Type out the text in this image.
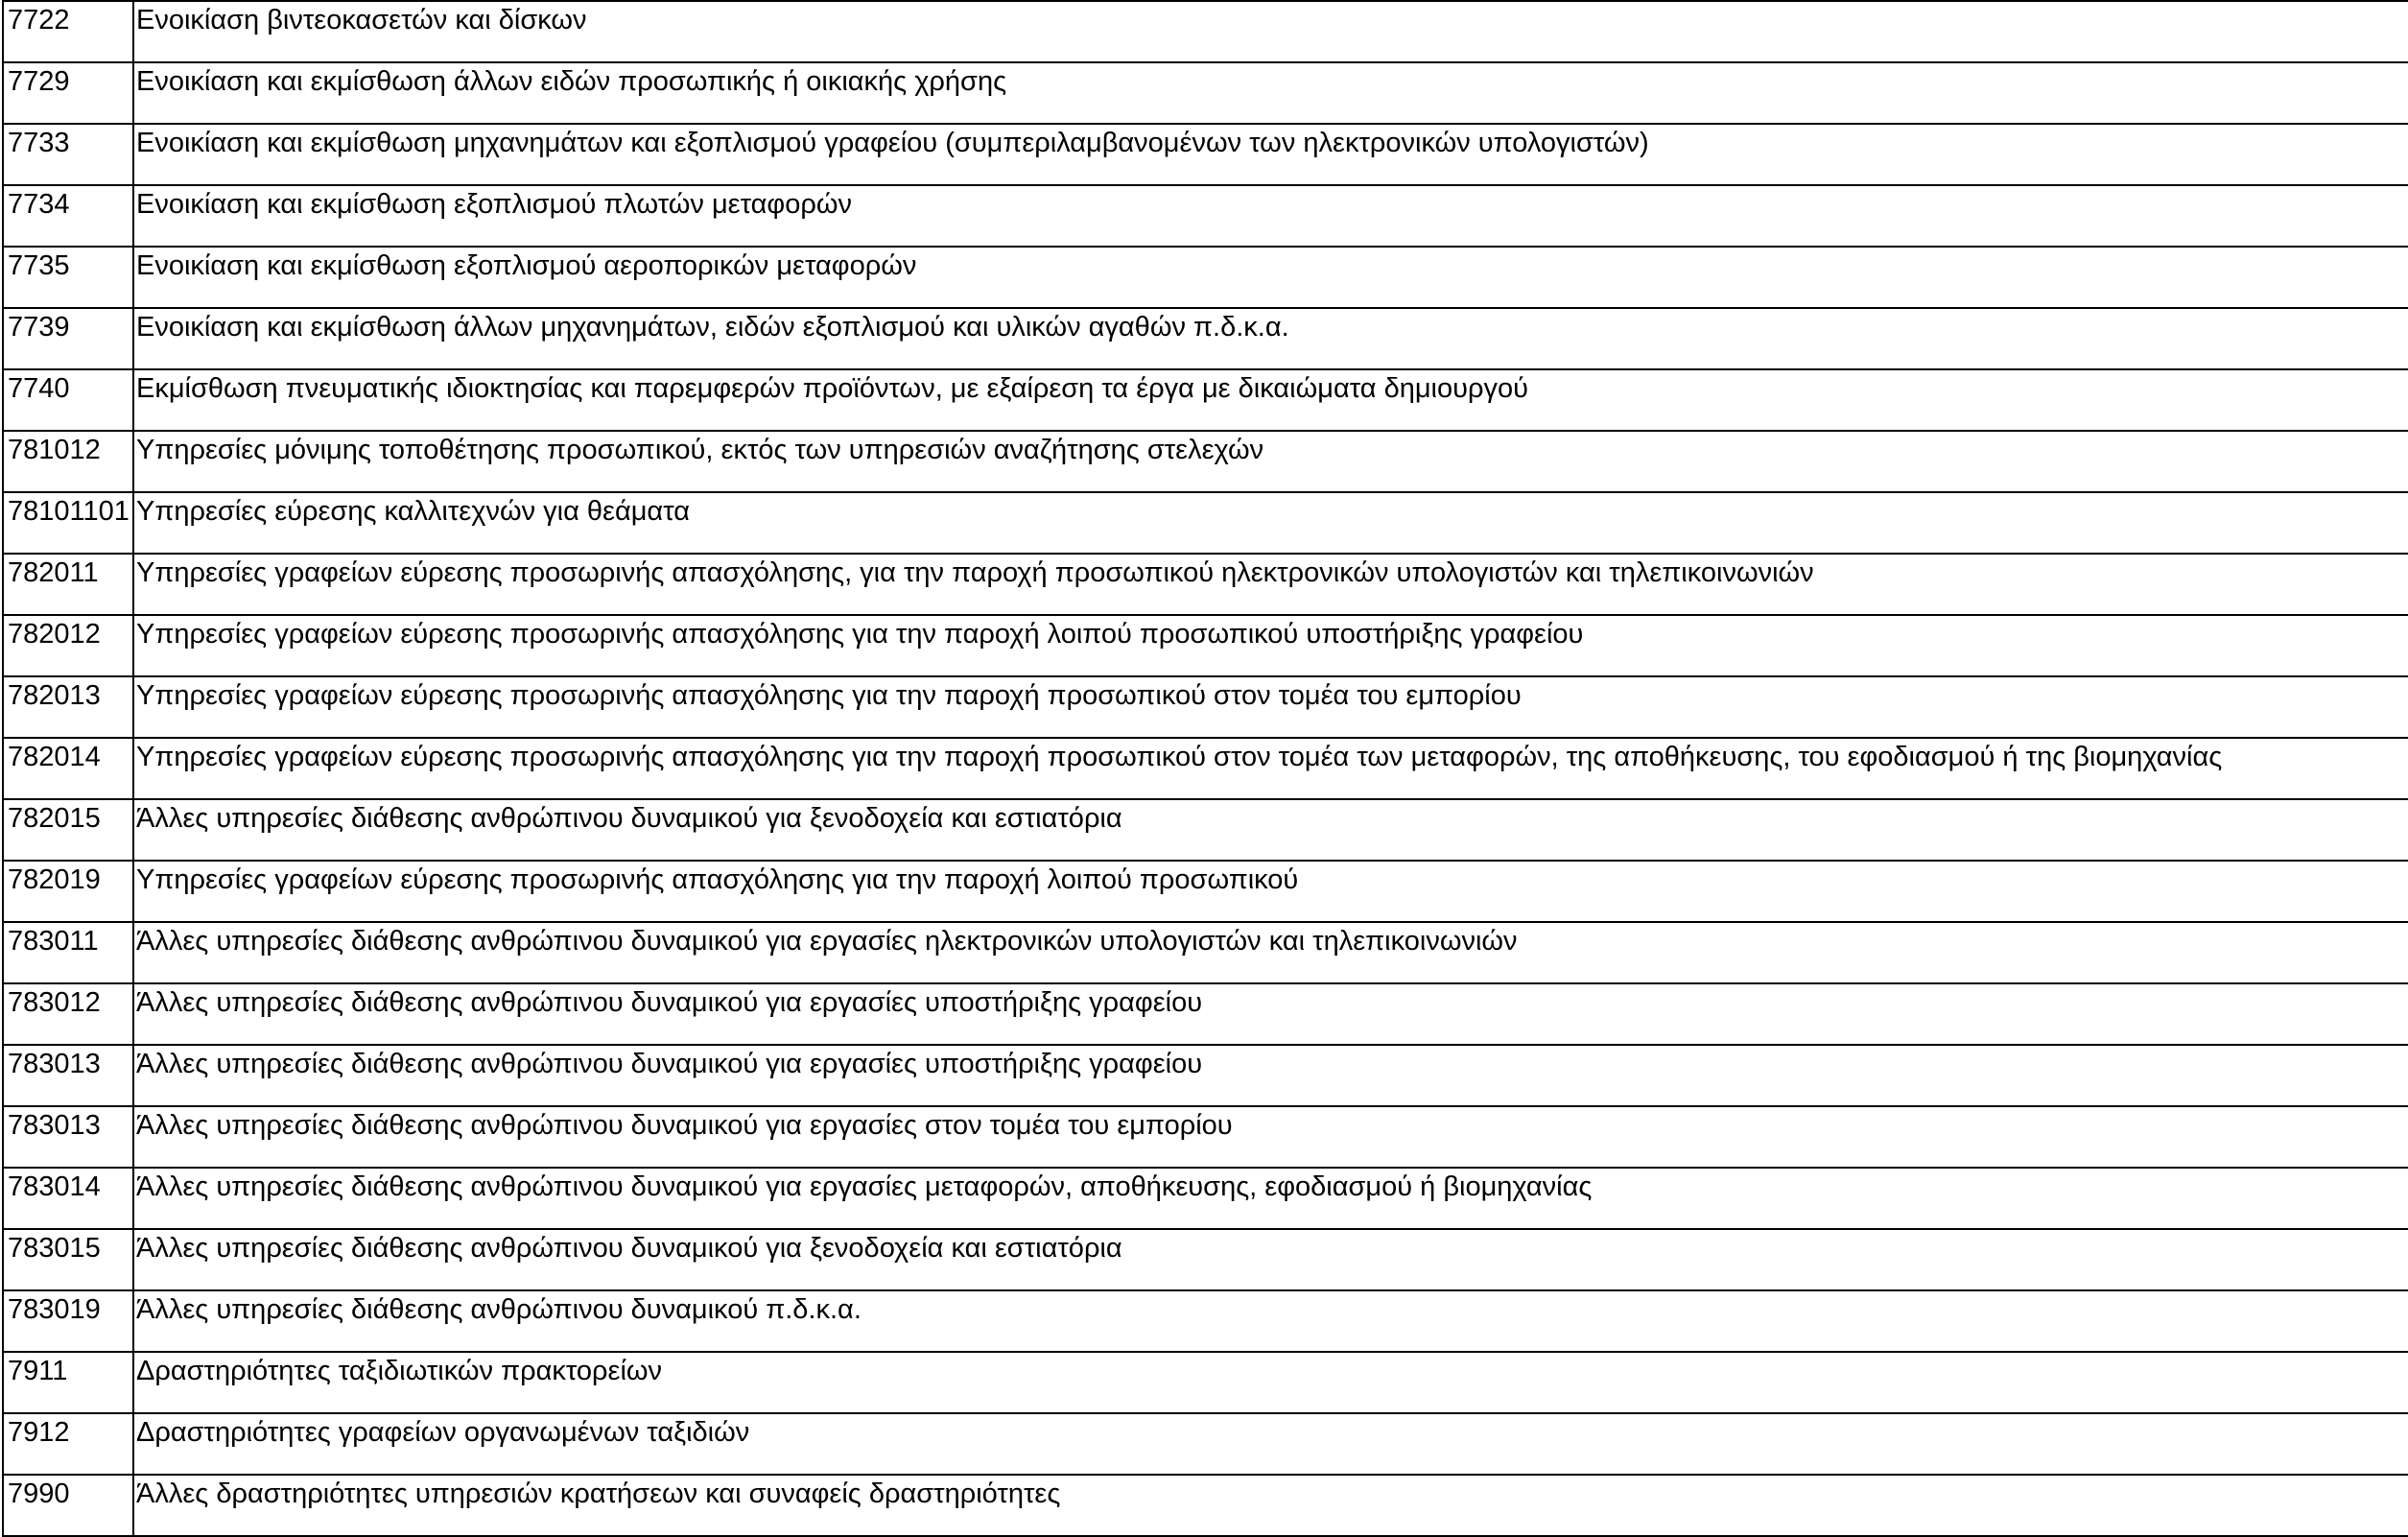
7722	Ενοικίαση βιντεοκασετών και δίσκων
7729	Ενοικίαση και εκμίσθωση άλλων ειδών προσωπικής ή οικιακής χρήσης
7733	Ενοικίαση και εκμίσθωση μηχανημάτων και εξοπλισμού γραφείου (συμπεριλαμβανομένων των ηλεκτρονικών υπολογιστών)
7734	Ενοικίαση και εκμίσθωση εξοπλισμού πλωτών μεταφορών
7735	Ενοικίαση και εκμίσθωση εξοπλισμού αεροπορικών μεταφορών
7739	Ενοικίαση και εκμίσθωση άλλων μηχανημάτων, ειδών εξοπλισμού και υλικών αγαθών π.δ.κ.α.
7740	Εκμίσθωση πνευματικής ιδιοκτησίας και παρεμφερών προϊόντων, με εξαίρεση τα έργα με δικαιώματα δημιουργού
781012	Υπηρεσίες μόνιμης τοποθέτησης προσωπικού, εκτός των υπηρεσιών αναζήτησης στελεχών
78101101	Υπηρεσίες εύρεσης καλλιτεχνών για θεάματα
782011	Υπηρεσίες γραφείων εύρεσης προσωρινής απασχόλησης, για την παροχή προσωπικού ηλεκτρονικών υπολογιστών και τηλεπικοινωνιών
782012	Υπηρεσίες γραφείων εύρεσης προσωρινής απασχόλησης για την παροχή λοιπού προσωπικού υποστήριξης γραφείου
782013	Υπηρεσίες γραφείων εύρεσης προσωρινής απασχόλησης για την παροχή προσωπικού στον τομέα του εμπορίου
782014	Υπηρεσίες γραφείων εύρεσης προσωρινής απασχόλησης για την παροχή προσωπικού στον τομέα των μεταφορών, της αποθήκευσης, του εφοδιασμού ή της βιομηχανίας
782015	Άλλες υπηρεσίες διάθεσης ανθρώπινου δυναμικού για ξενοδοχεία και εστιατόρια
782019	Υπηρεσίες γραφείων εύρεσης προσωρινής απασχόλησης για την παροχή λοιπού προσωπικού
783011	Άλλες υπηρεσίες διάθεσης ανθρώπινου δυναμικού για εργασίες ηλεκτρονικών υπολογιστών και τηλεπικοινωνιών
783012	Άλλες υπηρεσίες διάθεσης ανθρώπινου δυναμικού για εργασίες υποστήριξης γραφείου
783013	Άλλες υπηρεσίες διάθεσης ανθρώπινου δυναμικού για εργασίες υποστήριξης γραφείου
783013	Άλλες υπηρεσίες διάθεσης ανθρώπινου δυναμικού για εργασίες στον τομέα του εμπορίου
783014	Άλλες υπηρεσίες διάθεσης ανθρώπινου δυναμικού για εργασίες μεταφορών, αποθήκευσης, εφοδιασμού ή βιομηχανίας
783015	Άλλες υπηρεσίες διάθεσης ανθρώπινου δυναμικού για ξενοδοχεία και εστιατόρια
783019	Άλλες υπηρεσίες διάθεσης ανθρώπινου δυναμικού π.δ.κ.α.
7911	Δραστηριότητες ταξιδιωτικών πρακτορείων
7912	Δραστηριότητες γραφείων οργανωμένων ταξιδιών
7990	Άλλες δραστηριότητες υπηρεσιών κρατήσεων και συναφείς δραστηριότητες
